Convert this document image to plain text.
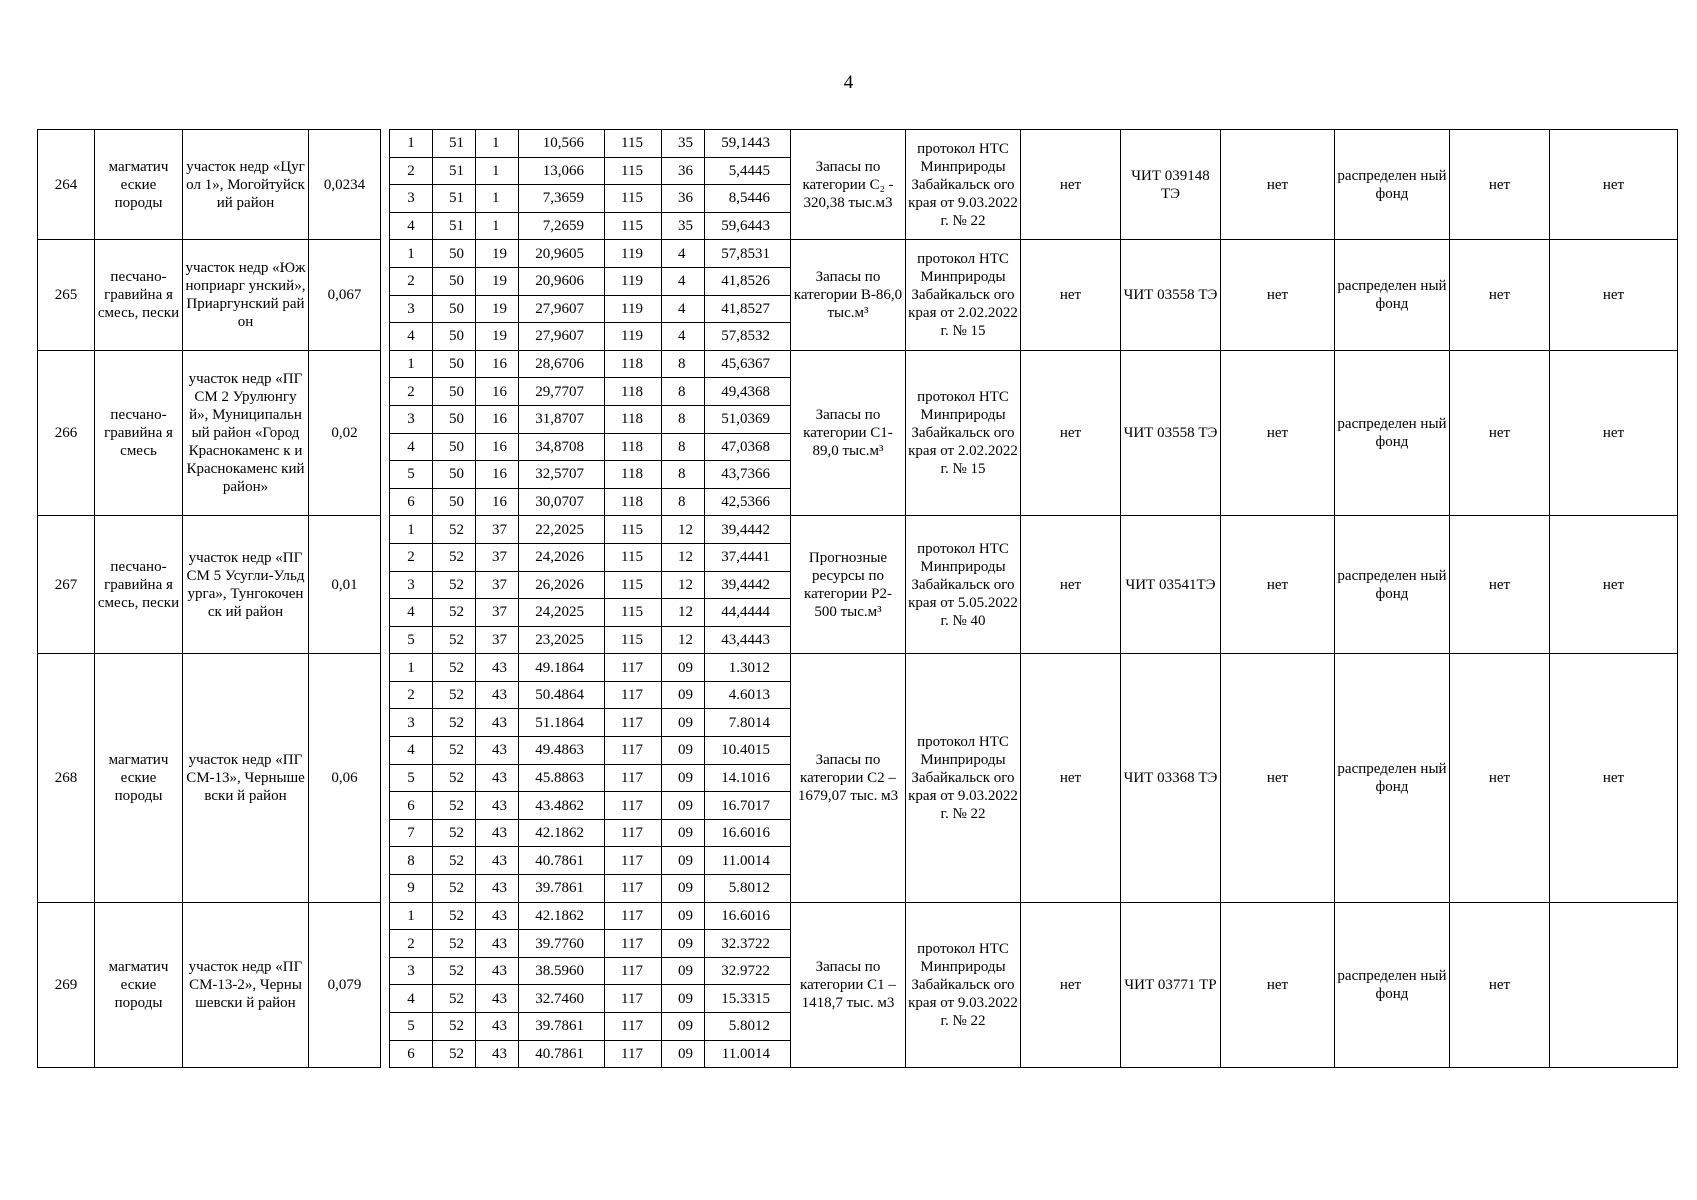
4
264	магматич еские породы	участок недр «Цугол 1», Могойтуйский район	0,0234		1	51	1	10,566	115	35	59,1443	Запасы по категории С₂ - 320,38 тыс.м3	протокол НТС Минприроды Забайкальск ого края от 9.03.2022 г. № 22	нет	ЧИТ 039148 ТЭ	нет	распределен ный фонд	нет	нет
					2	51	1	13,066	115	36	5,4445								
					3	51	1	7,3659	115	36	8,5446								
					4	51	1	7,2659	115	35	59,6443								
265	песчано-гравийна я смесь, пески	участок недр «Южноприарг унский», Приаргунский район	0,067		1	50	19	20,9605	119	4	57,8531	Запасы по категории В-86,0 тыс.м³	протокол НТС Минприроды Забайкальск ого края от 2.02.2022 г. № 15	нет	ЧИТ 03558 ТЭ	нет	распределен ный фонд	нет	нет
					2	50	19	20,9606	119	4	41,8526								
					3	50	19	27,9607	119	4	41,8527								
					4	50	19	27,9607	119	4	57,8532								
266	песчано-гравийна я смесь	участок недр «ПГСМ 2 Урулюнгуй», Муниципальн ый район «Город Краснокаменс к и Краснокаменс кий район»	0,02		1	50	16	28,6706	118	8	45,6367	Запасы по категории С1-89,0 тыс.м³	протокол НТС Минприроды Забайкальск ого края от 2.02.2022 г. № 15	нет	ЧИТ 03558 ТЭ	нет	распределен ный фонд	нет	нет
					2	50	16	29,7707	118	8	49,4368								
					3	50	16	31,8707	118	8	51,0369								
					4	50	16	34,8708	118	8	47,0368								
					5	50	16	32,5707	118	8	43,7366								
					6	50	16	30,0707	118	8	42,5366								
267	песчано-гравийна я смесь, пески	участок недр «ПГСМ 5 Усугли-Ульдурга», Тунгокоченск ий район	0,01		1	52	37	22,2025	115	12	39,4442	Прогнозные ресурсы по категории Р2-500 тыс.м³	протокол НТС Минприроды Забайкальск ого края от 5.05.2022 г. № 40	нет	ЧИТ 03541ТЭ	нет	распределен ный фонд	нет	нет
					2	52	37	24,2026	115	12	37,4441								
					3	52	37	26,2026	115	12	39,4442								
					4	52	37	24,2025	115	12	44,4444								
					5	52	37	23,2025	115	12	43,4443								
268	магматич еские породы	участок недр «ПГСМ-13», Чернышевски й район	0,06		1	52	43	49.1864	117	09	1.3012	Запасы по категории С2 – 1679,07 тыс. м3	протокол НТС Минприроды Забайкальск ого края от 9.03.2022 г. № 22	нет	ЧИТ 03368 ТЭ	нет	распределен ный фонд	нет	нет
					2	52	43	50.4864	117	09	4.6013								
					3	52	43	51.1864	117	09	7.8014								
					4	52	43	49.4863	117	09	10.4015								
					5	52	43	45.8863	117	09	14.1016								
					6	52	43	43.4862	117	09	16.7017								
					7	52	43	42.1862	117	09	16.6016								
					8	52	43	40.7861	117	09	11.0014								
					9	52	43	39.7861	117	09	5.8012								
269	магматич еские породы	участок недр «ПГСМ-13-2», Чернышевски й район	0,079		1	52	43	42.1862	117	09	16.6016	Запасы по категории С1 – 1418,7 тыс. м3	протокол НТС Минприроды Забайкальск ого края от 9.03.2022 г. № 22	нет	ЧИТ 03771 ТР	нет	распределен ный фонд	нет	
					2	52	43	39.7760	117	09	32.3722								
					3	52	43	38.5960	117	09	32.9722								
					4	52	43	32.7460	117	09	15.3315								
					5	52	43	39.7861	117	09	5.8012								
					6	52	43	40.7861	117	09	11.0014								
